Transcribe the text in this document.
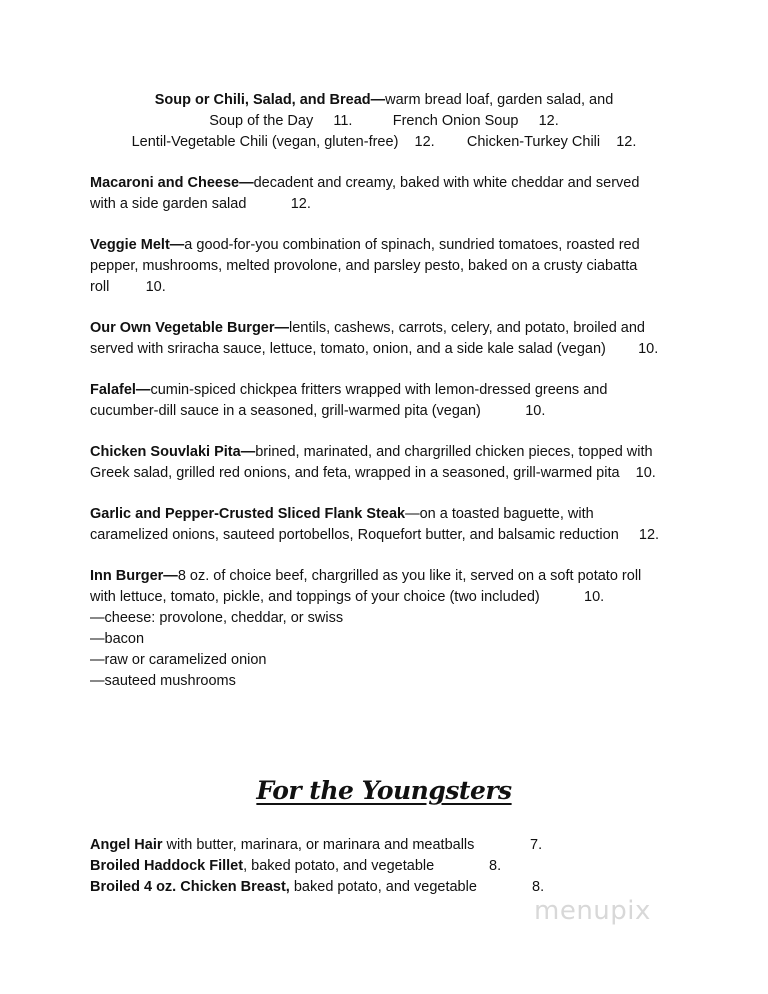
Soup or Chili, Salad, and Bread—warm bread loaf, garden salad, and
Soup of the Day     11.          French Onion Soup     12.
Lentil-Vegetable Chili (vegan, gluten-free)    12.        Chicken-Turkey Chili    12.
Macaroni and Cheese—decadent and creamy, baked with white cheddar and served
with a side garden salad           12.
Veggie Melt—a good-for-you combination of spinach, sundried tomatoes, roasted red
pepper, mushrooms, melted provolone, and parsley pesto, baked on a crusty ciabatta
roll         10.
Our Own Vegetable Burger—lentils, cashews, carrots, celery, and potato, broiled and
served with sriracha sauce, lettuce, tomato, onion, and a side kale salad (vegan)        10.
Falafel—cumin-spiced chickpea fritters wrapped with lemon-dressed greens and
cucumber-dill sauce in a seasoned, grill-warmed pita (vegan)           10.
Chicken Souvlaki Pita—brined, marinated, and chargrilled chicken pieces, topped with
Greek salad, grilled red onions, and feta, wrapped in a seasoned, grill-warmed pita    10.
Garlic and Pepper-Crusted Sliced Flank Steak—on a toasted baguette, with
caramelized onions, sauteed portobellos, Roquefort butter, and balsamic reduction     12.
Inn Burger—8 oz. of choice beef, chargrilled as you like it, served on a soft potato roll
with lettuce, tomato, pickle, and toppings of your choice (two included)           10.
—cheese: provolone, cheddar, or swiss
—bacon
—raw or caramelized onion
—sauteed mushrooms
For the Youngsters
Angel Hair with butter, marinara, or marinara and meatballs	7.
Broiled Haddock Fillet, baked potato, and vegetable	8.
Broiled 4 oz. Chicken Breast, baked potato, and vegetable	8.
menupix
